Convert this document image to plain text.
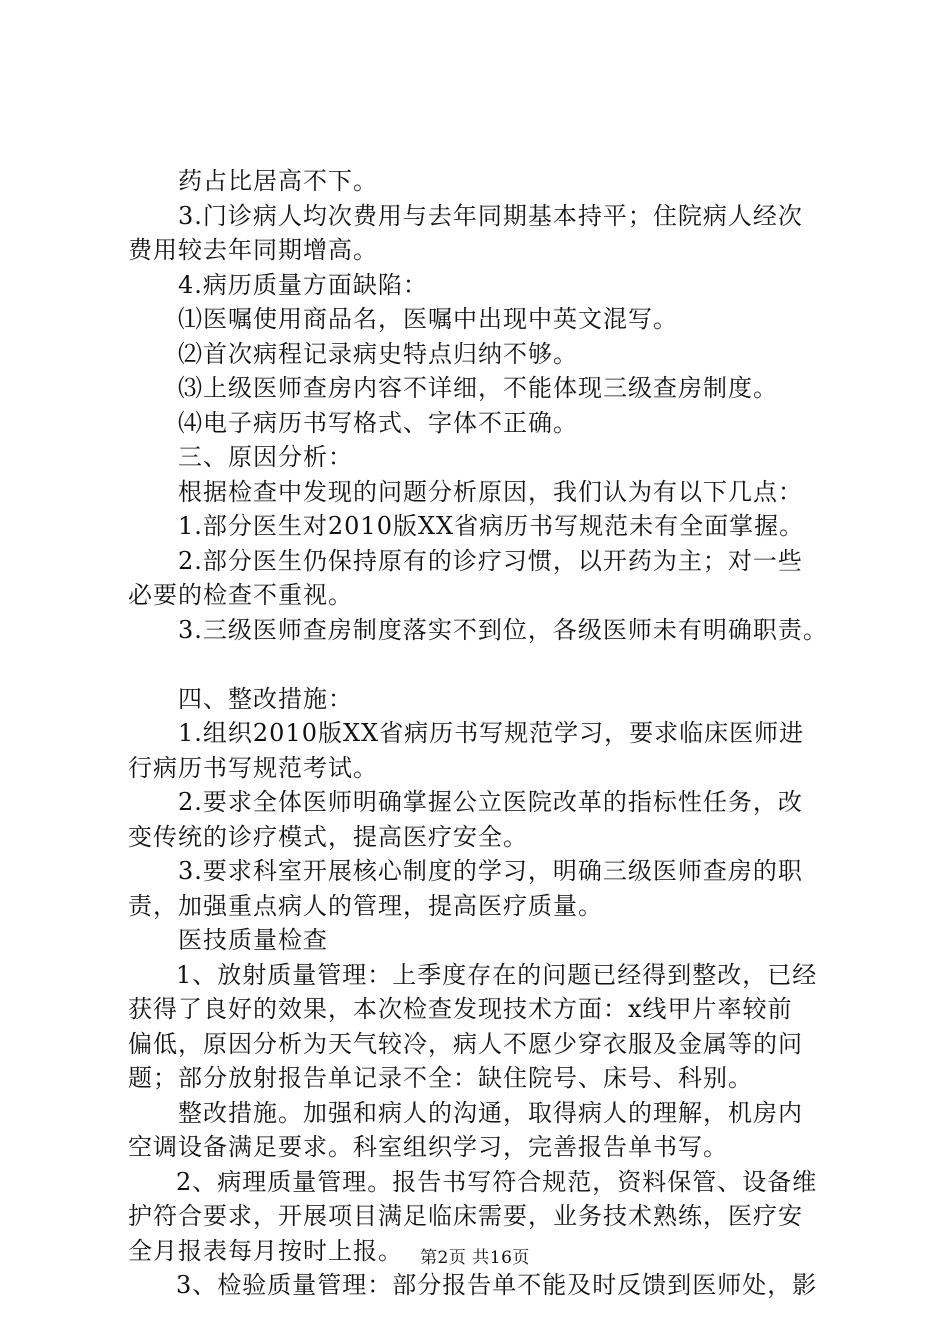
药占比居高不下。
3.门诊病人均次费用与去年同期基本持平；住院病人经次
费用较去年同期增高。
4.病历质量方面缺陷：
⑴医嘱使用商品名，医嘱中出现中英文混写。
⑵首次病程记录病史特点归纳不够。
⑶上级医师查房内容不详细，不能体现三级查房制度。
⑷电子病历书写格式、字体不正确。
三、原因分析：
根据检查中发现的问题分析原因，我们认为有以下几点：
1.部分医生对2010版XX省病历书写规范未有全面掌握。
2.部分医生仍保持原有的诊疗习惯，以开药为主；对一些
必要的检查不重视。
3.三级医师查房制度落实不到位，各级医师未有明确职责。
四、整改措施：
1.组织2010版XX省病历书写规范学习，要求临床医师进
行病历书写规范考试。
2.要求全体医师明确掌握公立医院改革的指标性任务，改
变传统的诊疗模式，提高医疗安全。
3.要求科室开展核心制度的学习，明确三级医师查房的职
责，加强重点病人的管理，提高医疗质量。
医技质量检查
1、放射质量管理：上季度存在的问题已经得到整改，已经
获得了良好的效果，本次检查发现技术方面：x线甲片率较前
偏低，原因分析为天气较冷，病人不愿少穿衣服及金属等的问
题；部分放射报告单记录不全：缺住院号、床号、科别。
整改措施。加强和病人的沟通，取得病人的理解，机房内
空调设备满足要求。科室组织学习，完善报告单书写。
2、病理质量管理。报告书写符合规范，资料保管、设备维
护符合要求，开展项目满足临床需要，业务技术熟练，医疗安
全月报表每月按时上报。
3、检验质量管理：部分报告单不能及时反馈到医师处，影
第2页 共16页
